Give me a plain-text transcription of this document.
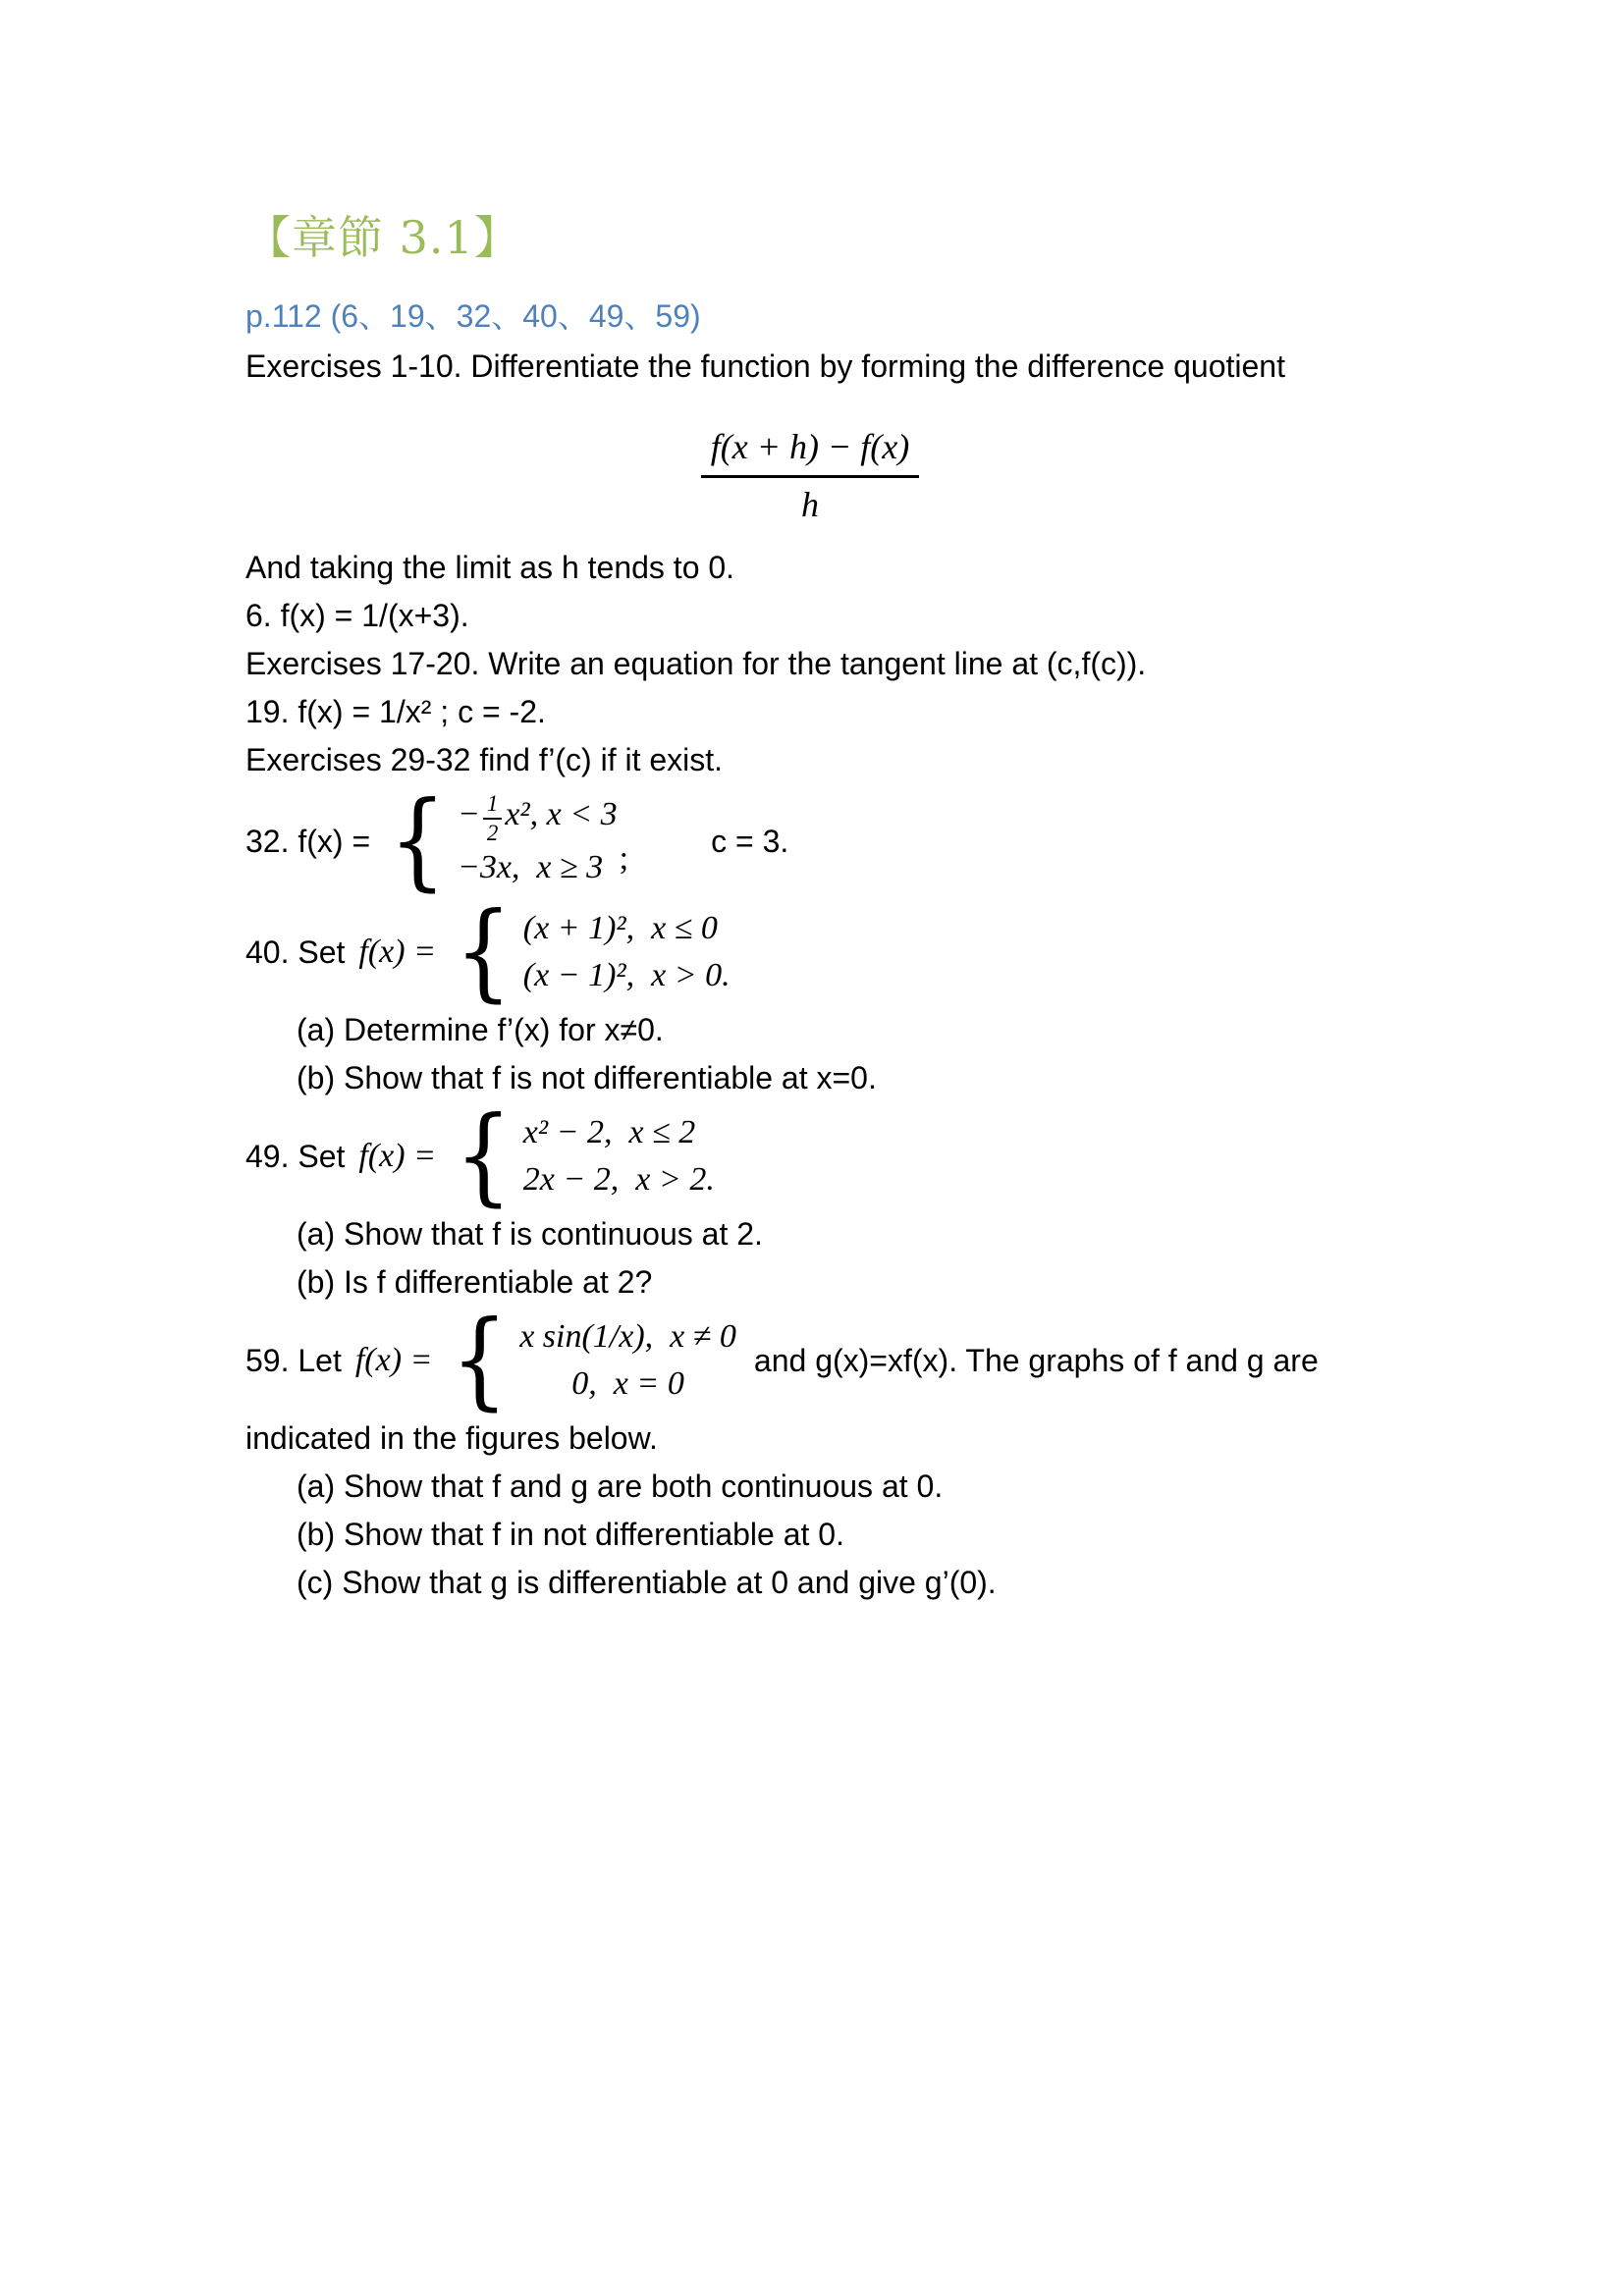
【章節 3.1】
p.112 (6、19、32、40、49、59)

Exercises 1-10. Differentiate the function by forming the difference quotient

$\frac{f(x + h) - f(x)}{h}$

And taking the limit as h tends to 0.

6. f(x) = 1/(x+3).

Exercises 17-20. Write an equation for the tangent line at (c,f(c)).

19. f(x) = 1/x² ; c = -2.

Exercises 29-32 find f’(c) if it exist.

32. f(x) = { − $\frac{1}{2} x^2$, x < 3
−3x,  x ≥ 3 ;	c = 3.
40. Set f(x) = { (x + 1)²,  x ≤ 0
(x − 1)²,  x > 0.

(a) Determine f’(x) for x≠0.

(b) Show that f is not differentiable at x=0.

49. Set f(x) = { x² − 2,  x ≤ 2
2x − 2,  x > 2.

(a) Show that f is continuous at 2.

(b) Is f differentiable at 2?

59. Let f(x) = { x sin(1/x),  x ≠ 0
0,  x = 0
and g(x)=xf(x). The graphs of f and g are

indicated in the figures below.

(a) Show that f and g are both continuous at 0.

(b) Show that f in not differentiable at 0.

(c) Show that g is differentiable at 0 and give g’(0).
